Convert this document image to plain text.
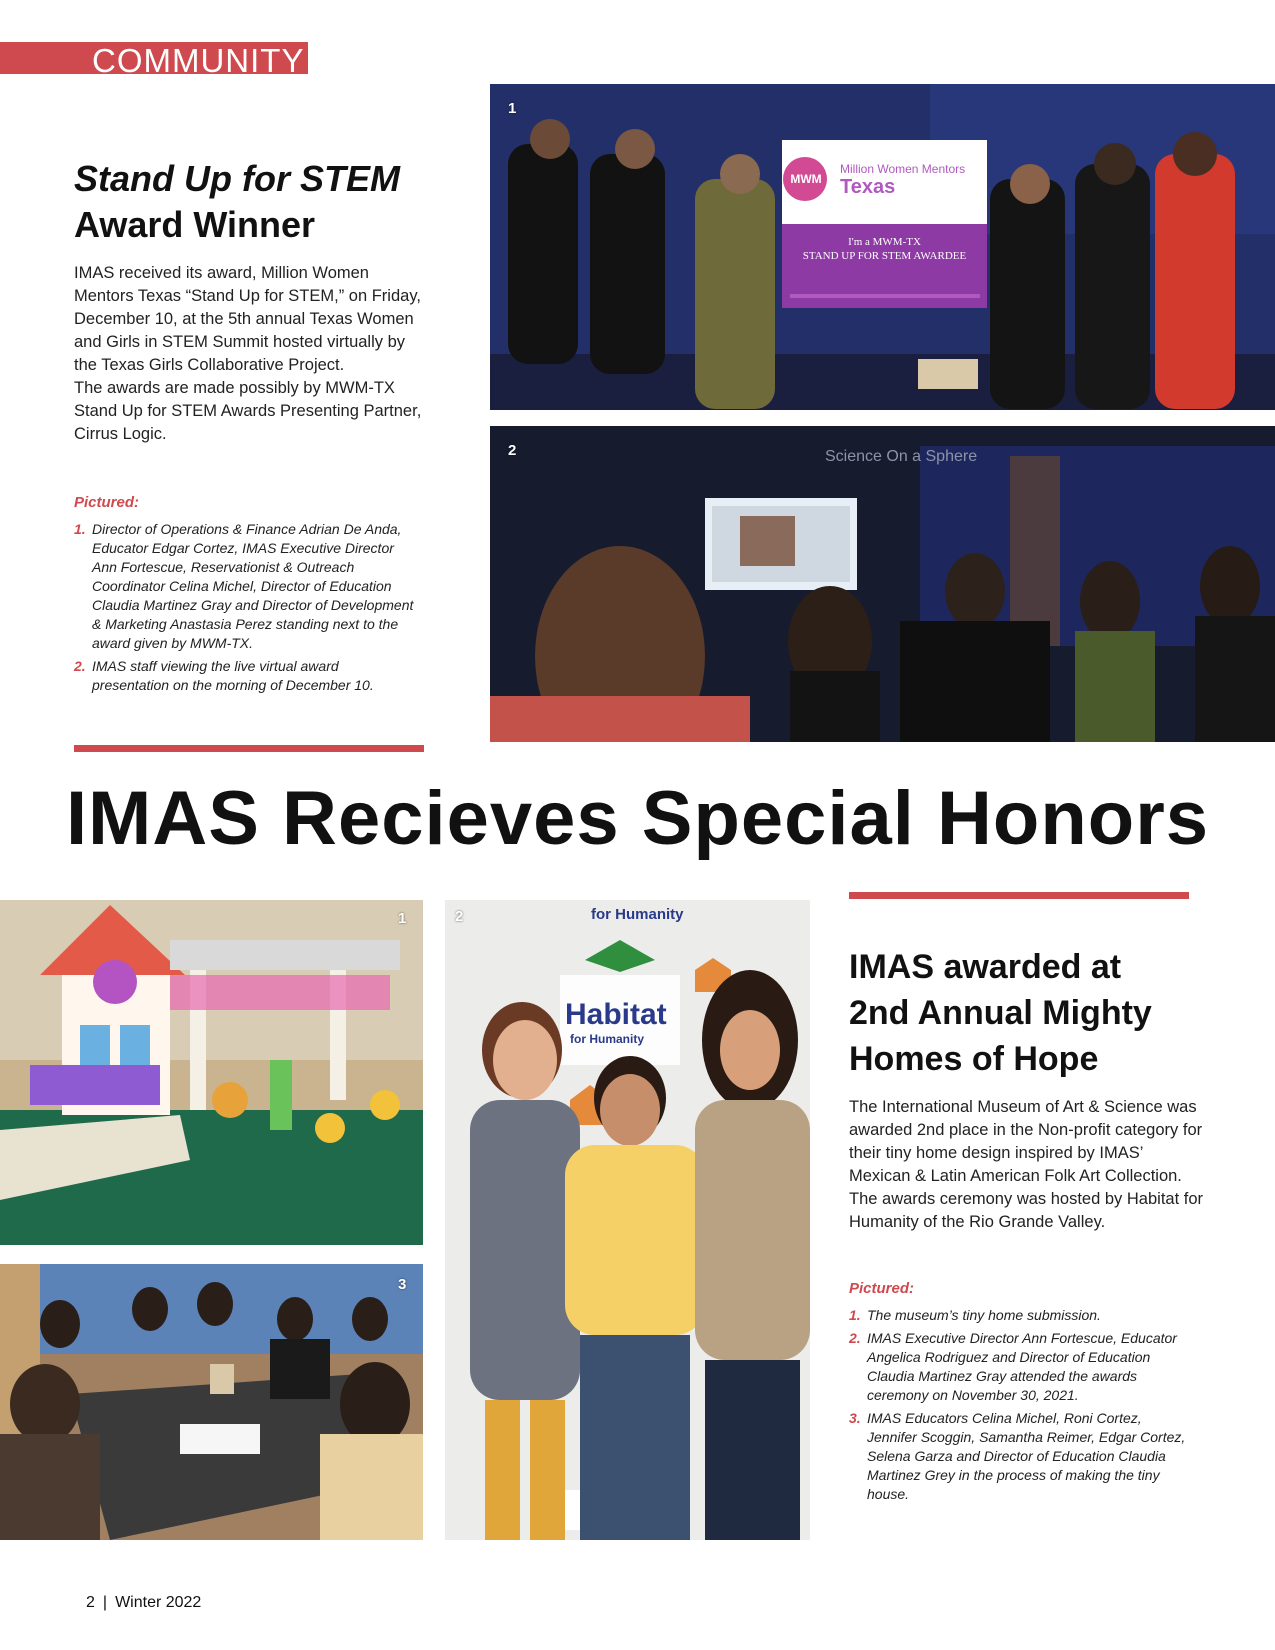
COMMUNITY
Stand Up for STEM
Award Winner

IMAS received its award, Million Women Mentors Texas “Stand Up for STEM,” on Friday, December 10, at the 5th annual Texas Women and Girls in STEM Summit hosted virtually by the Texas Girls Collaborative Project.

The awards are made possibly by MWM-TX Stand Up for STEM Awards Presenting Partner, Cirrus Logic.

Pictured:
1. Director of Operations & Finance Adrian De Anda, Educator Edgar Cortez, IMAS Executive Director Ann Fortescue, Reservationist & Outreach Coordinator Celina Michel, Director of Education Claudia Martinez Gray and Director of Development & Marketing Anastasia Perez standing next to the award given by MWM-TX.
2. IMAS staff viewing the live virtual award presentation on the morning of December 10.
1
MWM
Million Women Mentors
Texas
I'm a MWM-TX
STAND UP FOR STEM AWARDEE
2	Science On a Sphere
IMAS Recieves Special Honors
1
3
2
Habitat
for Humanity
for Humanity
IMAS awarded at
2nd Annual Mighty
Homes of Hope

The International Museum of Art & Science was awarded 2nd place in the Non-profit category for their tiny home design inspired by IMAS’ Mexican & Latin American Folk Art Collection. The awards ceremony was hosted by Habitat for Humanity of the Rio Grande Valley.

Pictured:
1. The museum’s tiny home submission.
2. IMAS Executive Director Ann Fortescue, Educator Angelica Rodriguez and Director of Education Claudia Martinez Gray attended the awards ceremony on November 30, 2021.
3. IMAS Educators Celina Michel, Roni Cortez, Jennifer Scoggin, Samantha Reimer, Edgar Cortez, Selena Garza and Director of Education Claudia Martinez Grey in the process of making the tiny house.
2 | Winter 2022
